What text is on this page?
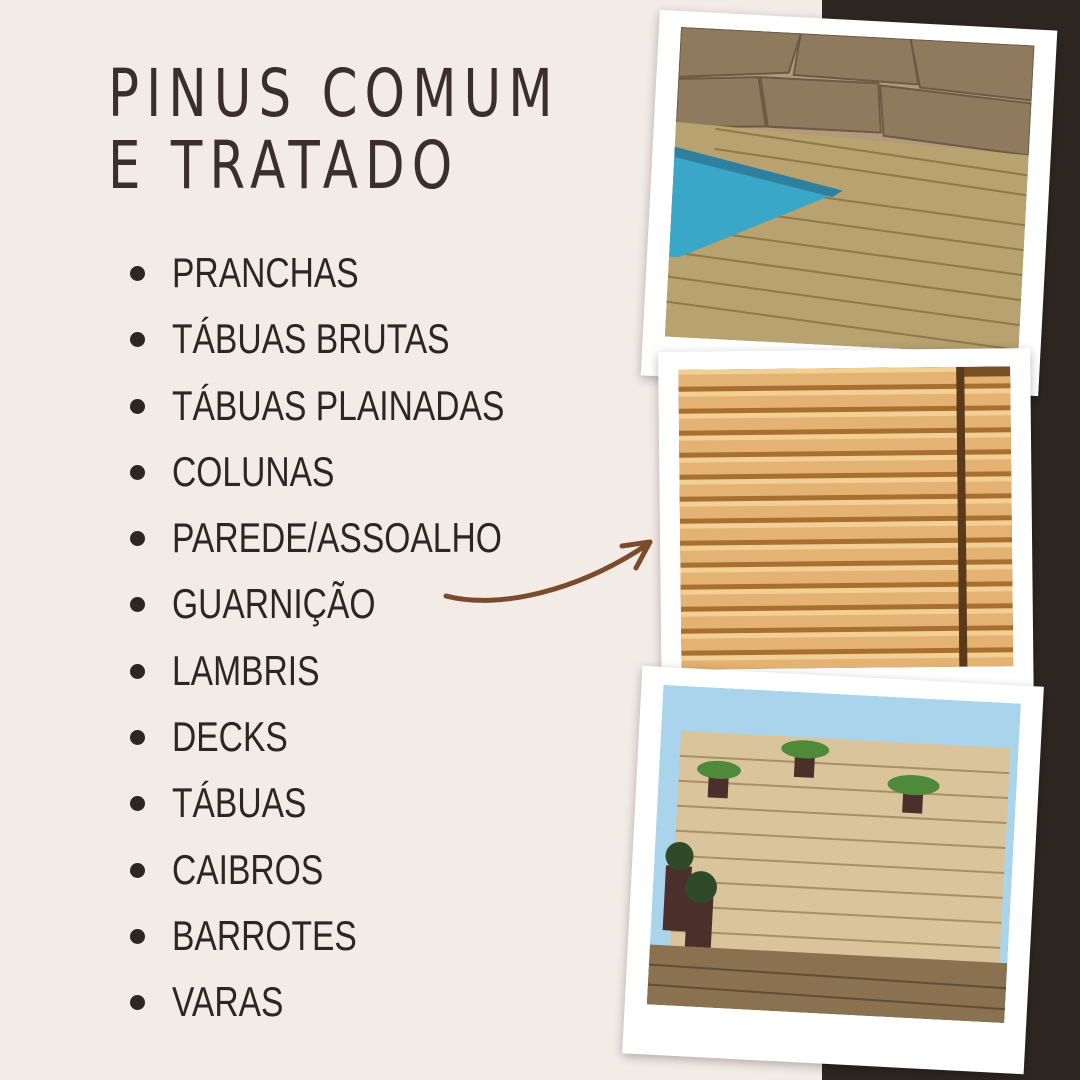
PINUS COMUM
E TRATADO
PRANCHAS
TÁBUAS BRUTAS
TÁBUAS PLAINADAS
COLUNAS
PAREDE/ASSOALHO
GUARNIÇÃO
LAMBRIS
DECKS
TÁBUAS
CAIBROS
BARROTES
VARAS
